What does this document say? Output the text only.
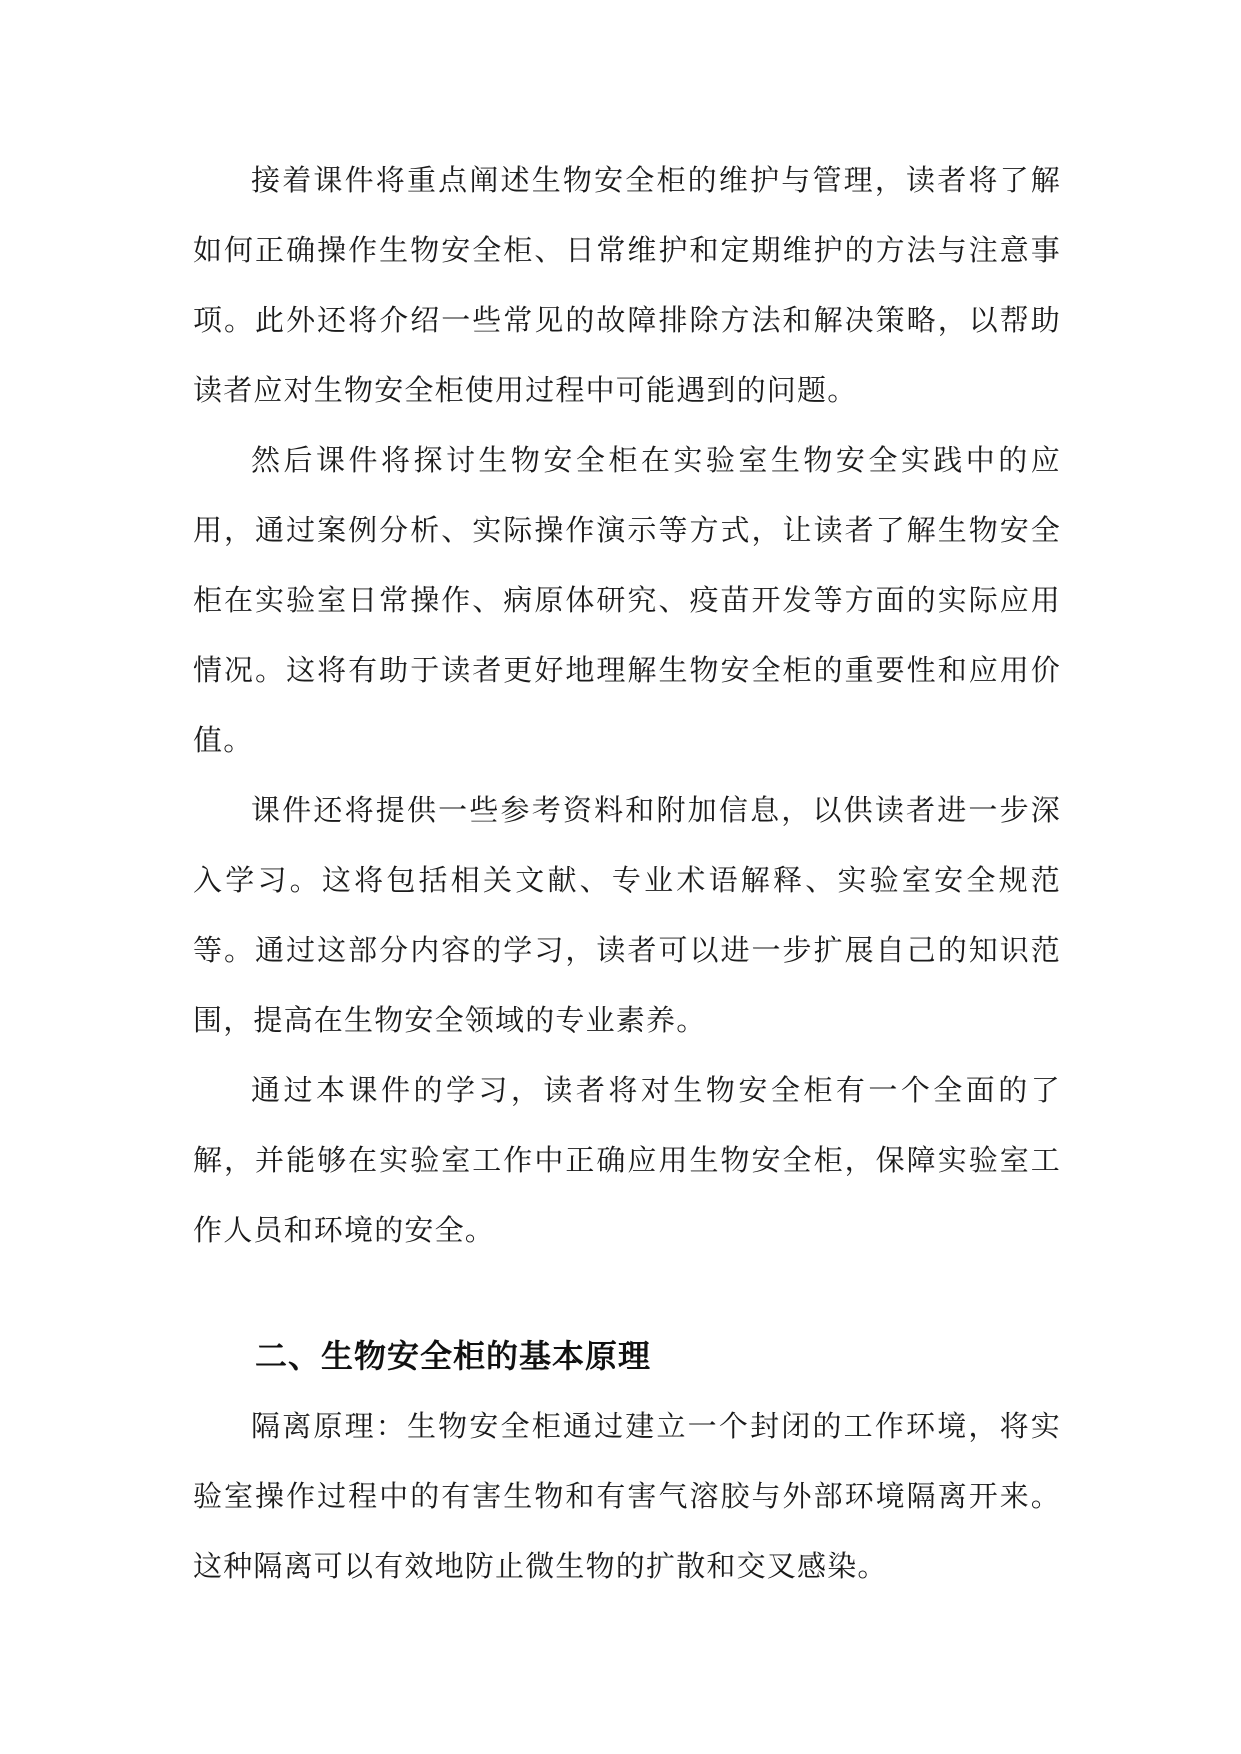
接着课件将重点阐述生物安全柜的维护与管理，读者将了解如何正确操作生物安全柜、日常维护和定期维护的方法与注意事项。此外还将介绍一些常见的故障排除方法和解决策略，以帮助读者应对生物安全柜使用过程中可能遇到的问题。

然后课件将探讨生物安全柜在实验室生物安全实践中的应用，通过案例分析、实际操作演示等方式，让读者了解生物安全柜在实验室日常操作、病原体研究、疫苗开发等方面的实际应用情况。这将有助于读者更好地理解生物安全柜的重要性和应用价值。

课件还将提供一些参考资料和附加信息，以供读者进一步深入学习。这将包括相关文献、专业术语解释、实验室安全规范等。通过这部分内容的学习，读者可以进一步扩展自己的知识范围，提高在生物安全领域的专业素养。

通过本课件的学习，读者将对生物安全柜有一个全面的了解，并能够在实验室工作中正确应用生物安全柜，保障实验室工作人员和环境的安全。

二、生物安全柜的基本原理

隔离原理：生物安全柜通过建立一个封闭的工作环境，将实验室操作过程中的有害生物和有害气溶胶与外部环境隔离开来。这种隔离可以有效地防止微生物的扩散和交叉感染。
